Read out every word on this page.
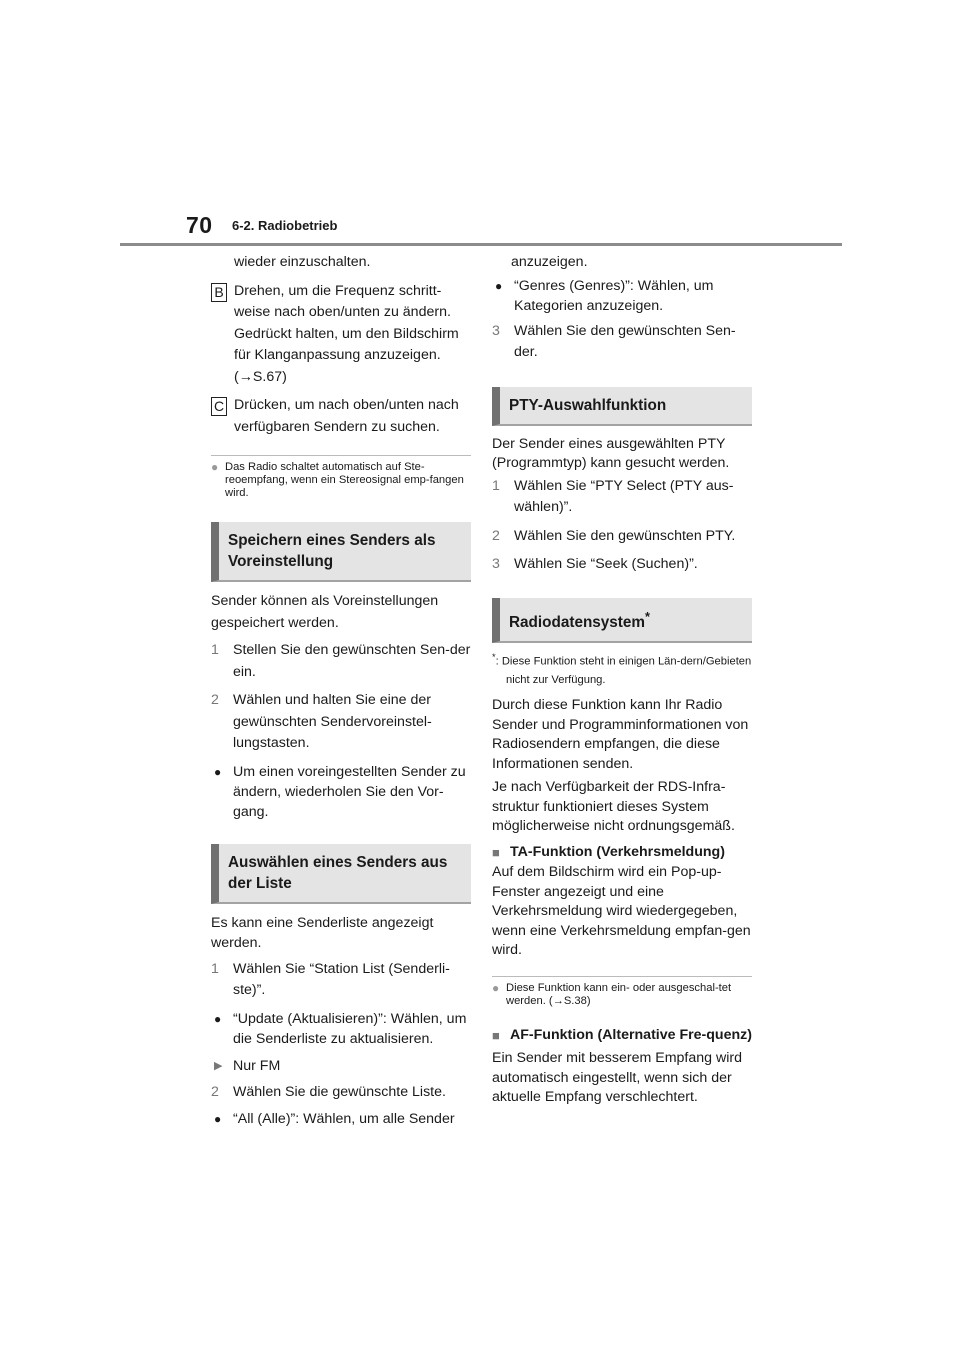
70 6-2. Radiobetrieb

wieder einzuschalten.

B Drehen, um die Frequenz schritt-weise nach oben/unten zu ändern.

Gedrückt halten, um den Bildschirm für Klanganpassung anzuzeigen.

(→S.67)

C Drücken, um nach oben/unten nach verfügbaren Sendern zu suchen.

● Das Radio schaltet automatisch auf Ste-reoempfang, wenn ein Stereosignal emp-fangen wird.
Speichern eines Senders als Voreinstellung

Sender können als Voreinstellungen gespeichert werden.

1 Stellen Sie den gewünschten Sen-der ein.
2 Wählen und halten Sie eine der gewünschten Sendervoreinstel-lungstasten.
● Um einen voreingestellten Sender zu ändern, wiederholen Sie den Vor-gang.
Auswählen eines Senders aus der Liste

Es kann eine Senderliste angezeigt werden.

1 Wählen Sie “Station List (Senderli-ste)”.
● “Update (Aktualisieren)”: Wählen, um die Senderliste zu aktualisieren.
▶ Nur FM
2 Wählen Sie die gewünschte Liste.
● “All (Alle)”: Wählen, um alle Sender

anzuzeigen.

● “Genres (Genres)”: Wählen, um Kategorien anzuzeigen.
3 Wählen Sie den gewünschten Sen-der.
PTY-Auswahlfunktion

Der Sender eines ausgewählten PTY (Programmtyp) kann gesucht werden.

1 Wählen Sie “PTY Select (PTY aus-wählen)”.
2 Wählen Sie den gewünschten PTY.
3 Wählen Sie “Seek (Suchen)”.
Radiodatensystem*

*: Diese Funktion steht in einigen Län-dern/Gebieten nicht zur Verfügung.

Durch diese Funktion kann Ihr Radio Sender und Programminformationen von Radiosendern empfangen, die diese Informationen senden.

Je nach Verfügbarkeit der RDS-Infra-struktur funktioniert dieses System möglicherweise nicht ordnungsgemäß.

■ TA-Funktion (Verkehrsmeldung)

Auf dem Bildschirm wird ein Pop-up-Fenster angezeigt und eine Verkehrsmeldung wird wiedergegeben, wenn eine Verkehrsmeldung empfan-gen wird.

● Diese Funktion kann ein- oder ausgeschal-tet werden. (→S.38)
■ AF-Funktion (Alternative Fre-quenz)

Ein Sender mit besserem Empfang wird automatisch eingestellt, wenn sich der aktuelle Empfang verschlechtert.
